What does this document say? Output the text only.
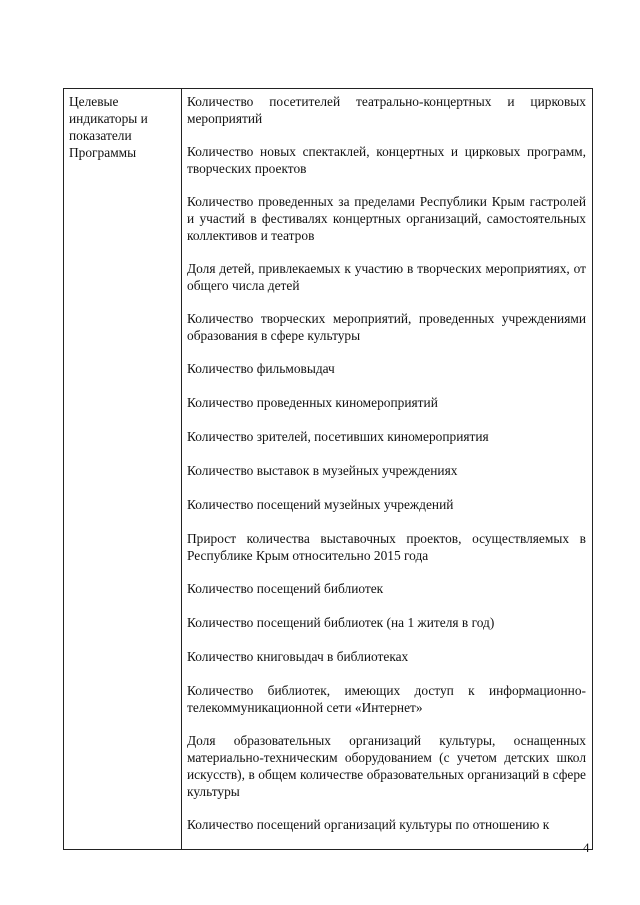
Целевые
индикаторы и
показатели
Программы

Количество посетителей театрально-концертных и цирковых мероприятий

Количество новых спектаклей, концертных и цирковых программ, творческих проектов

Количество проведенных за пределами Республики Крым гастролей и участий в фестивалях концертных организаций, самостоятельных коллективов и театров

Доля детей, привлекаемых к участию в творческих мероприятиях, от общего числа детей

Количество творческих мероприятий, проведенных учреждениями образования в сфере культуры

Количество фильмовыдач

Количество проведенных киномероприятий

Количество зрителей, посетивших киномероприятия

Количество выставок в музейных учреждениях

Количество посещений музейных учреждений

Прирост количества выставочных проектов, осуществляемых в Республике Крым относительно 2015 года

Количество посещений библиотек

Количество посещений библиотек (на 1 жителя в год)

Количество книговыдач в библиотеках

Количество библиотек, имеющих доступ к информационно-телекоммуникационной сети «Интернет»

Доля образовательных организаций культуры, оснащенных материально-техническим оборудованием (с учетом детских школ искусств), в общем количестве образовательных организаций в сфере культуры

Количество посещений организаций культуры по отношению к

4
